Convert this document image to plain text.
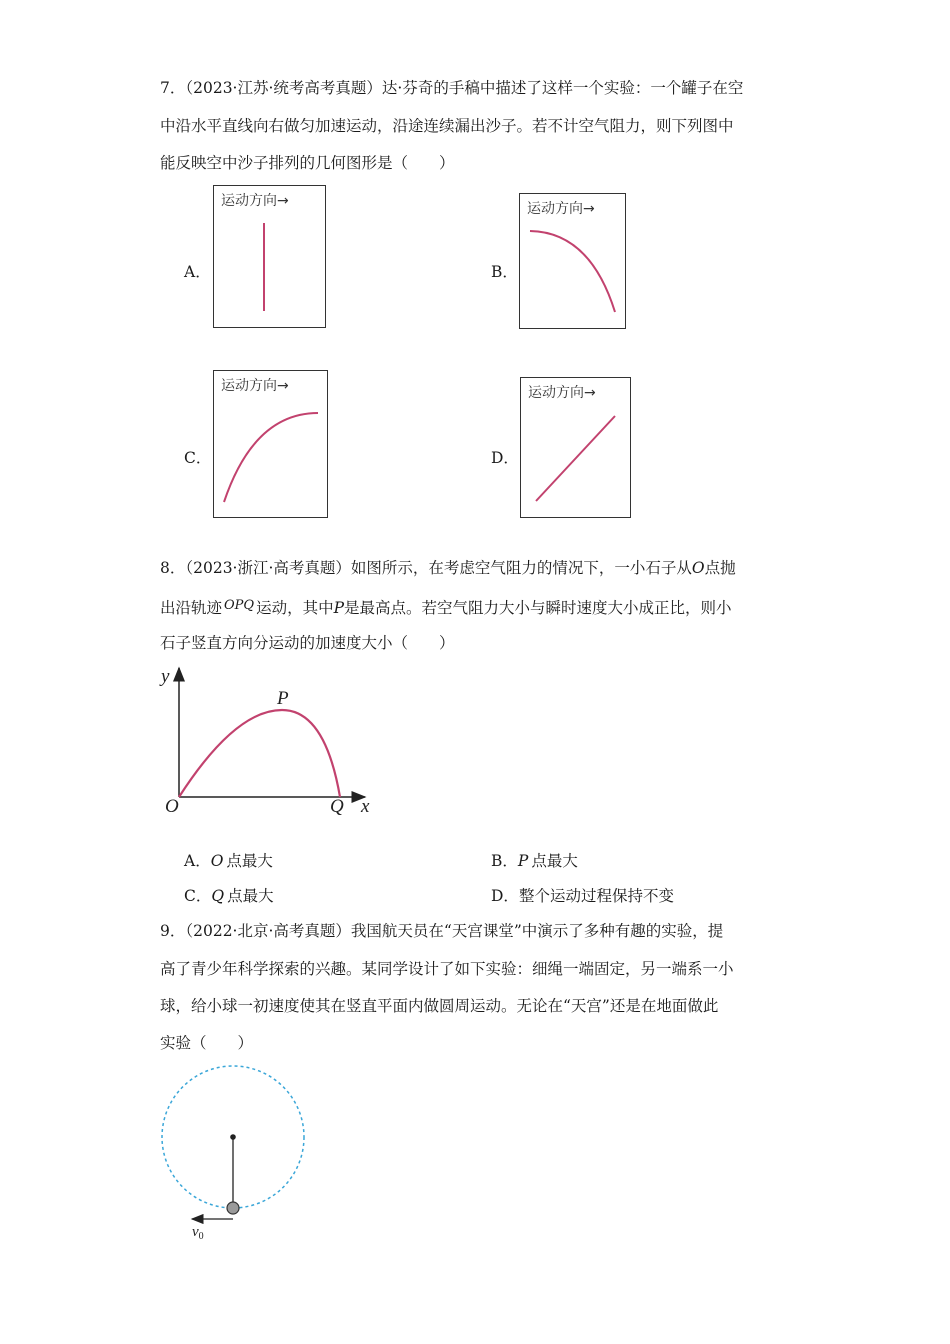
7．（2023·江苏·统考高考真题）达·芬奇的手稿中描述了这样一个实验：一个罐子在空
中沿水平直线向右做匀加速运动，沿途连续漏出沙子。若不计空气阻力，则下列图中
能反映空中沙子排列的几何图形是（　　）
A．
运动方向→
B．
运动方向→
C．
运动方向→
D．
运动方向→
8．（2023·浙江·高考真题）如图所示，在考虑空气阻力的情况下，一小石子从O点抛
出沿轨迹 $^{OPQ}$ 运动，其中P是最高点。若空气阻力大小与瞬时速度大小成正比，则小
石子竖直方向分运动的加速度大小（　　）
y
x
O
P
Q
A．O 点最大	B．P 点最大
C．Q 点最大	D．整个运动过程保持不变
9．（2022·北京·高考真题）我国航天员在“天宫课堂”中演示了多种有趣的实验，提
高了青少年科学探索的兴趣。某同学设计了如下实验：细绳一端固定，另一端系一小
球，给小球一初速度使其在竖直平面内做圆周运动。无论在“天宫”还是在地面做此
实验（　　）
$v_0$
